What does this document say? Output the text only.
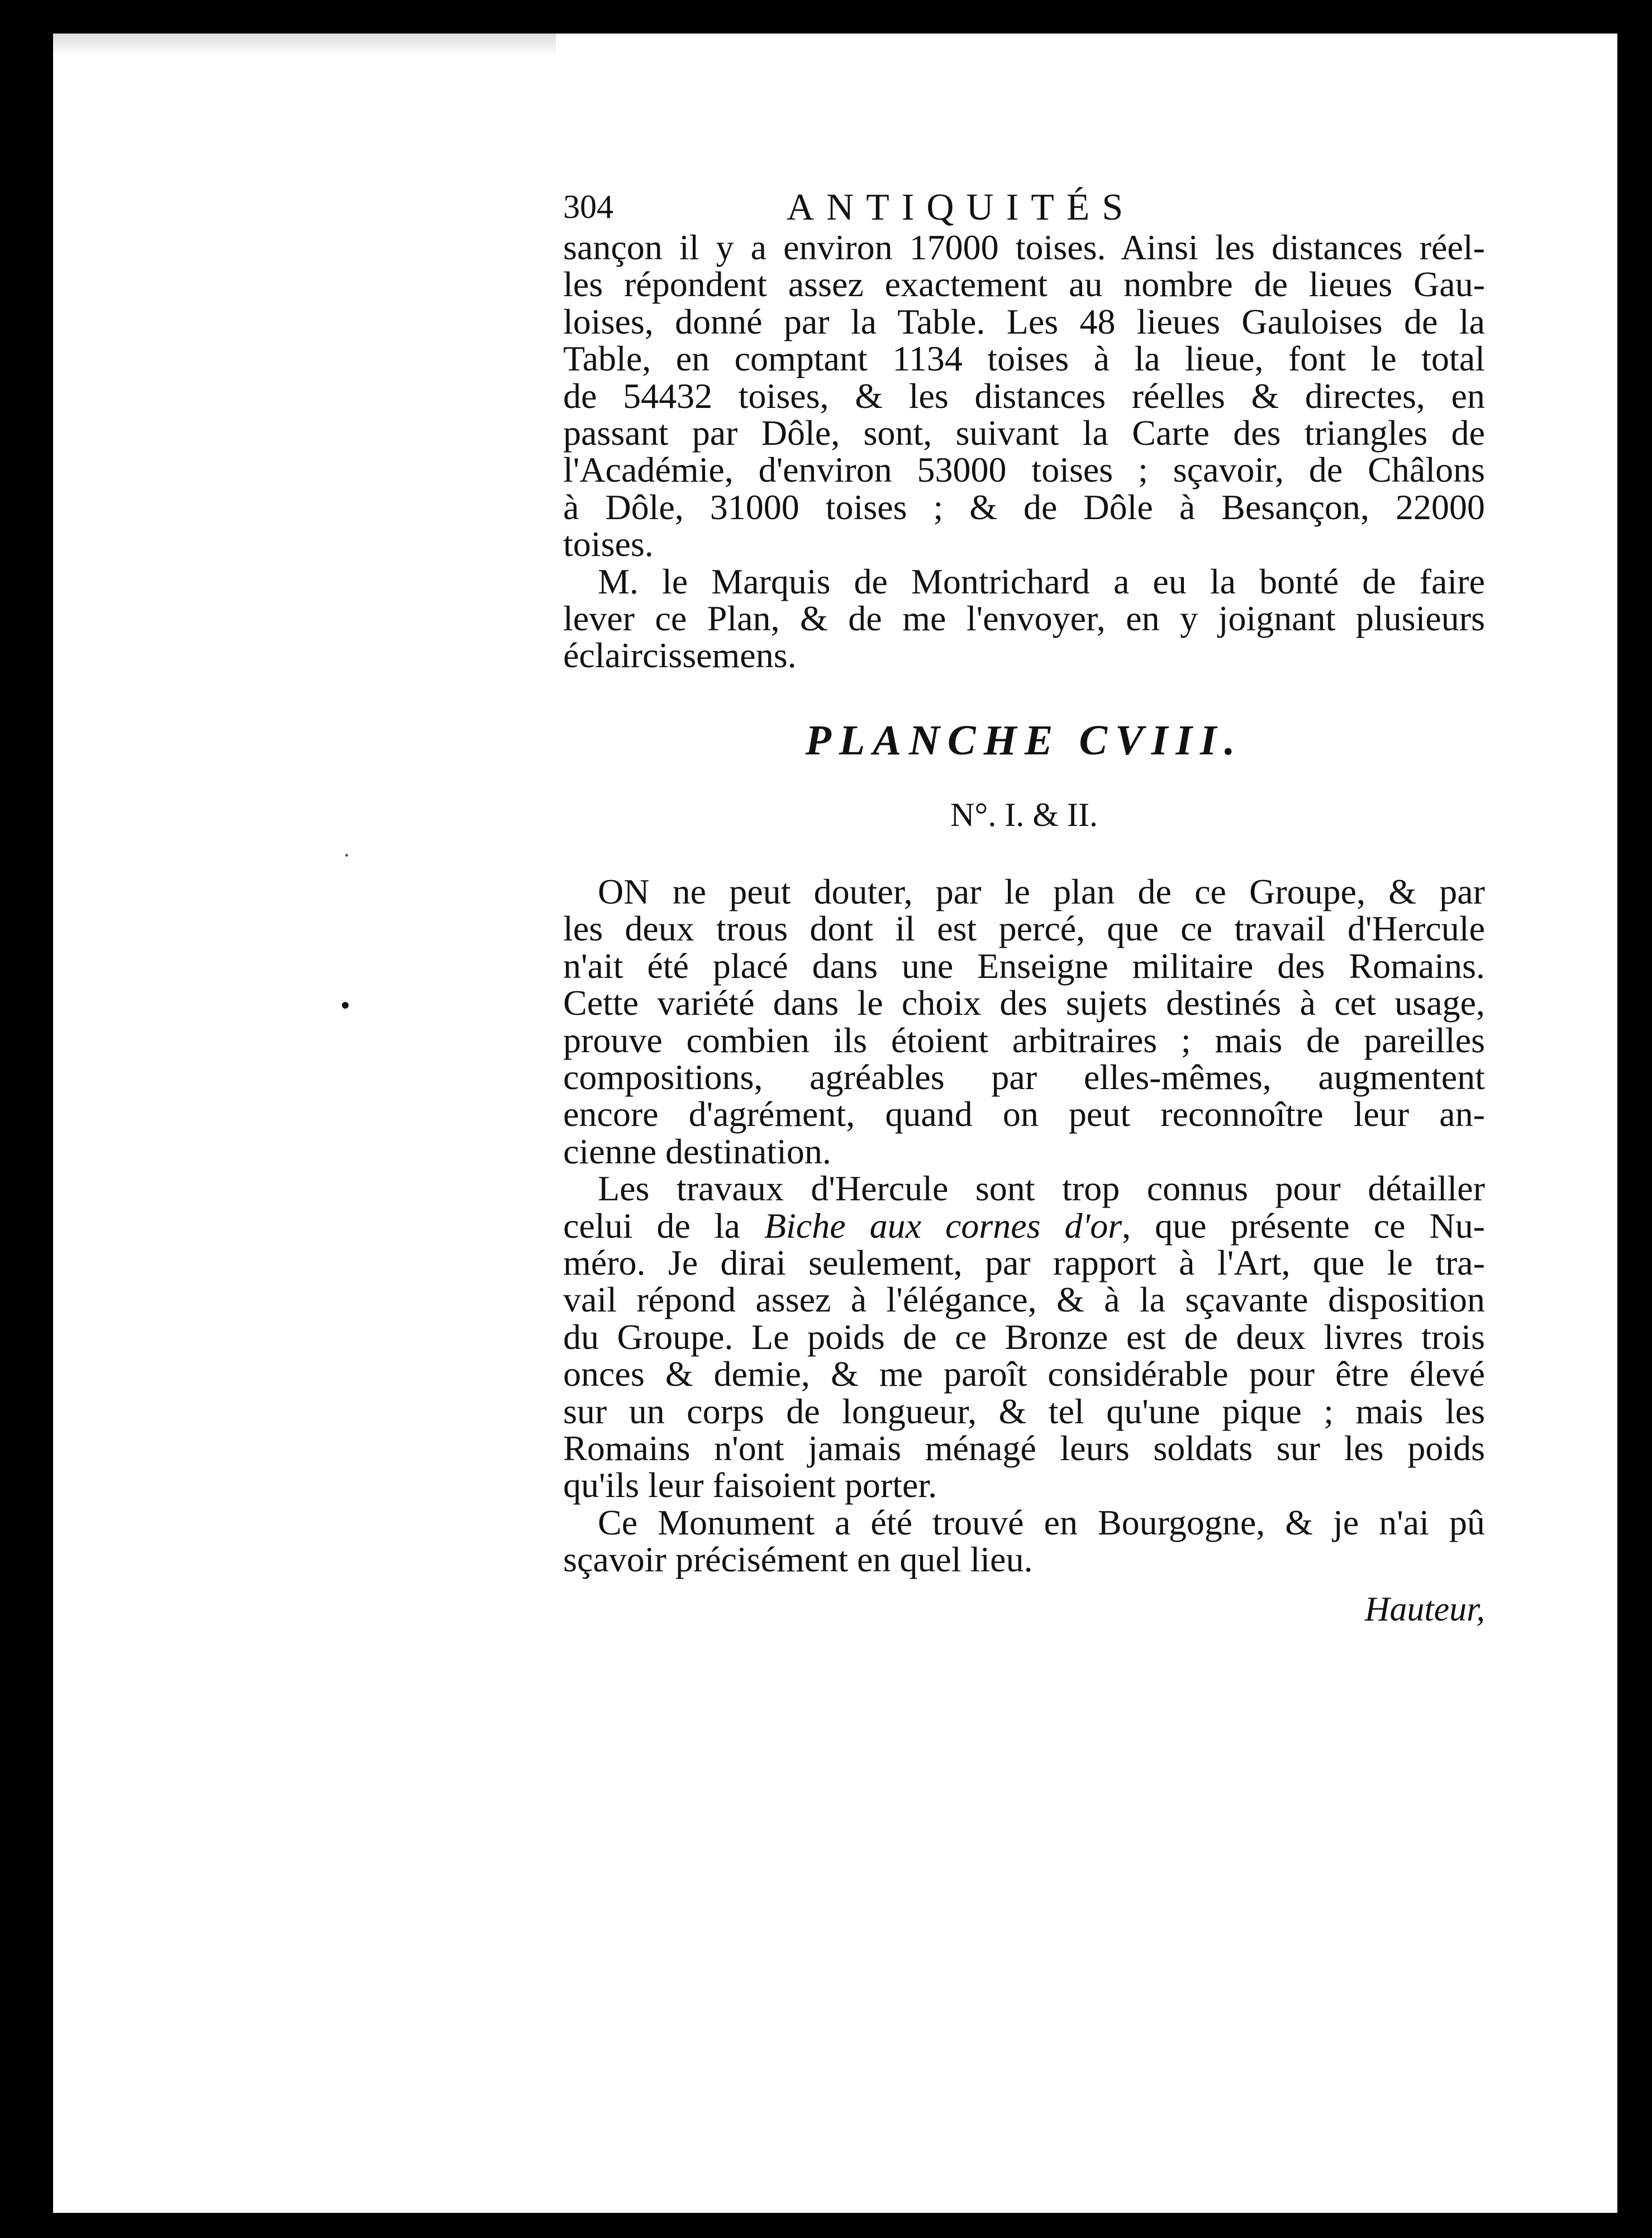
304	ANTIQUITÉS
sançon il y a environ 17000 toises. Ainsi les distances réel-
les répondent assez exactement au nombre de lieues Gau-
loises, donné par la Table. Les 48 lieues Gauloises de la
Table, en comptant 1134 toises à la lieue, font le total
de 54432 toises, & les distances réelles & directes, en
passant par Dôle, sont, suivant la Carte des triangles de
l'Académie, d'environ 53000 toises ; sçavoir, de Châlons
à Dôle, 31000 toises ; & de Dôle à Besançon, 22000
toises.
M. le Marquis de Montrichard a eu la bonté de faire
lever ce Plan, & de me l'envoyer, en y joignant plusieurs
éclaircissemens.
PLANCHE CVIII.
N°. I. & II.
ON ne peut douter, par le plan de ce Groupe, & par
les deux trous dont il est percé, que ce travail d'Hercule
n'ait été placé dans une Enseigne militaire des Romains.
Cette variété dans le choix des sujets destinés à cet usage,
prouve combien ils étoient arbitraires ; mais de pareilles
compositions, agréables par elles-mêmes, augmentent
encore d'agrément, quand on peut reconnoître leur an-
cienne destination.
Les travaux d'Hercule sont trop connus pour détailler
celui de la Biche aux cornes d'or, que présente ce Nu-
méro. Je dirai seulement, par rapport à l'Art, que le tra-
vail répond assez à l'élégance, & à la sçavante disposition
du Groupe. Le poids de ce Bronze est de deux livres trois
onces & demie, & me paroît considérable pour être élevé
sur un corps de longueur, & tel qu'une pique ; mais les
Romains n'ont jamais ménagé leurs soldats sur les poids
qu'ils leur faisoient porter.
Ce Monument a été trouvé en Bourgogne, & je n'ai pû
sçavoir précisément en quel lieu.
Hauteur,
